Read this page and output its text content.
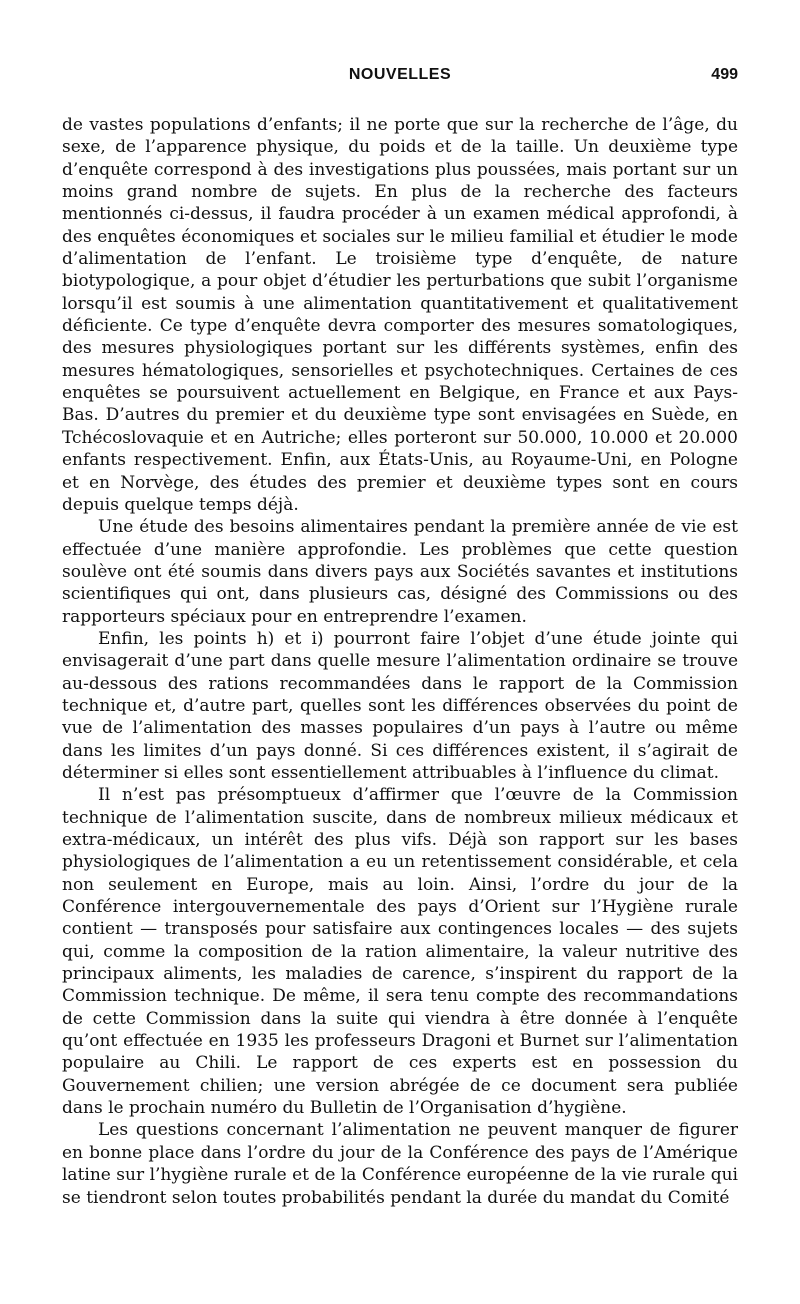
NOUVELLES	499

de vastes populations d’enfants; il ne porte que sur la recherche de l’âge, du sexe, de l’apparence physique, du poids et de la taille. Un deuxième type d’enquête correspond à des investigations plus poussées, mais portant sur un moins grand nombre de sujets. En plus de la recherche des facteurs mentionnés ci-dessus, il faudra procéder à un examen médical approfondi, à des enquêtes économiques et sociales sur le milieu familial et étudier le mode d’alimentation de l’enfant. Le troisième type d’enquête, de nature biotypologique, a pour objet d’étudier les perturbations que subit l’organisme lorsqu’il est soumis à une alimentation quantitativement et qualitativement déficiente. Ce type d’enquête devra comporter des mesures somatologiques, des mesures physiologiques portant sur les différents systèmes, enfin des mesures hématologiques, sensorielles et psychotechniques. Certaines de ces enquêtes se poursuivent actuellement en Belgique, en France et aux Pays-Bas. D’autres du premier et du deuxième type sont envisagées en Suède, en Tchécoslovaquie et en Autriche; elles porteront sur 50.000, 10.000 et 20.000 enfants respectivement. Enfin, aux États-Unis, au Royaume-Uni, en Pologne et en Norvège, des études des premier et deuxième types sont en cours depuis quelque temps déjà.

Une étude des besoins alimentaires pendant la première année de vie est effectuée d’une manière approfondie. Les problèmes que cette question soulève ont été soumis dans divers pays aux Sociétés savantes et institutions scientifiques qui ont, dans plusieurs cas, désigné des Commissions ou des rapporteurs spéciaux pour en entreprendre l’examen.

Enfin, les points h) et i) pourront faire l’objet d’une étude jointe qui envisagerait d’une part dans quelle mesure l’alimentation ordinaire se trouve au-dessous des rations recommandées dans le rapport de la Commission technique et, d’autre part, quelles sont les différences observées du point de vue de l’alimentation des masses populaires d’un pays à l’autre ou même dans les limites d’un pays donné. Si ces différences existent, il s’agirait de déterminer si elles sont essentiellement attribuables à l’influence du climat.

Il n’est pas présomptueux d’affirmer que l’œuvre de la Commission technique de l’alimentation suscite, dans de nombreux milieux médicaux et extra-médicaux, un intérêt des plus vifs. Déjà son rapport sur les bases physiologiques de l’alimentation a eu un retentissement considérable, et cela non seulement en Europe, mais au loin. Ainsi, l’ordre du jour de la Conférence intergouvernementale des pays d’Orient sur l’Hygiène rurale contient — transposés pour satisfaire aux contingences locales — des sujets qui, comme la composition de la ration alimentaire, la valeur nutritive des principaux aliments, les maladies de carence, s’inspirent du rapport de la Commission technique. De même, il sera tenu compte des recommandations de cette Commission dans la suite qui viendra à être donnée à l’enquête qu’ont effectuée en 1935 les professeurs Dragoni et Burnet sur l’alimentation populaire au Chili. Le rapport de ces experts est en possession du Gouvernement chilien; une version abrégée de ce document sera publiée dans le prochain numéro du Bulletin de l’Organisation d’hygiène.

Les questions concernant l’alimentation ne peuvent manquer de figurer en bonne place dans l’ordre du jour de la Conférence des pays de l’Amérique latine sur l’hygiène rurale et de la Conférence européenne de la vie rurale qui se tiendront selon toutes probabilités pendant la durée du mandat du Comité
